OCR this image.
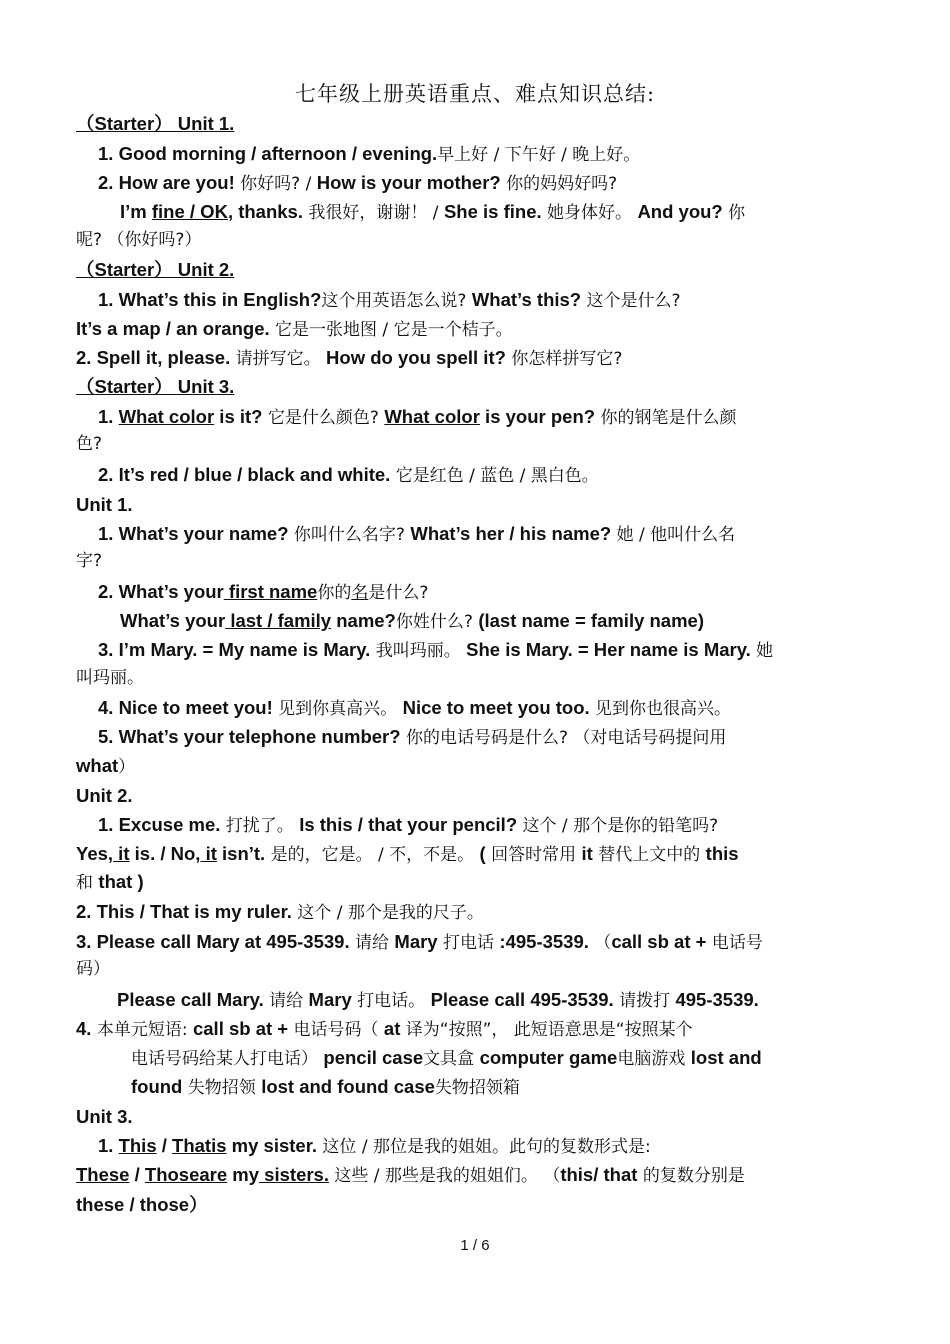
七年级上册英语重点、难点知识总结:
（Starter） Unit 1.
1. Good morning / afternoon / evening.早上好 / 下午好 / 晚上好。
2. How are you! 你好吗? / How is your mother? 你的妈妈好吗?
I’m fine / OK, thanks. 我很好，谢谢！ / She is fine. 她身体好。 And you? 你
呢? （你好吗?）
（Starter） Unit 2.
1. What’s this in English?这个用英语怎么说? What’s this? 这个是什么?
It’s a map / an orange. 它是一张地图 / 它是一个桔子。
2. Spell it, please. 请拼写它。 How do you spell it? 你怎样拼写它?
（Starter） Unit 3.
1. What color is it? 它是什么颜色? What color is your pen? 你的钢笔是什么颜
色?
2. It’s red / blue / black and white. 它是红色 / 蓝色 / 黑白色。
Unit 1.
1. What’s your name? 你叫什么名字? What’s her / his name? 她 / 他叫什么名
字?
2. What’s your first name你的名是什么?
What’s your last / family name?你姓什么? (last name = family name)
3. I’m Mary. = My name is Mary. 我叫玛丽。 She is Mary. = Her name is Mary. 她
叫玛丽。
4. Nice to meet you! 见到你真高兴。 Nice to meet you too. 见到你也很高兴。
5. What’s your telephone number? 你的电话号码是什么? （对电话号码提问用
what）
Unit 2.
1. Excuse me. 打扰了。 Is this / that your pencil? 这个 / 那个是你的铅笔吗?
Yes, it is. / No, it isn’t. 是的，它是。 / 不，不是。 ( 回答时常用 it 替代上文中的 this
和 that )
2. This / That is my ruler. 这个 / 那个是我的尺子。
3. Please call Mary at 495-3539. 请给 Mary 打电话 :495-3539. （call sb at + 电话号
码）
Please call Mary. 请给 Mary 打电话。 Please call 495-3539. 请拨打 495-3539.
4. 本单元短语: call sb at + 电话号码（ at 译为“按照”， 此短语意思是“按照某个
电话号码给某人打电话） pencil case文具盒 computer game电脑游戏 lost and
found 失物招领 lost and found case失物招领箱
Unit 3.
1. This / Thatis my sister. 这位 / 那位是我的姐姐。此句的复数形式是:
These / Thoseare my sisters. 这些 / 那些是我的姐姐们。 （this/ that 的复数分别是
these / those）
1 / 6
